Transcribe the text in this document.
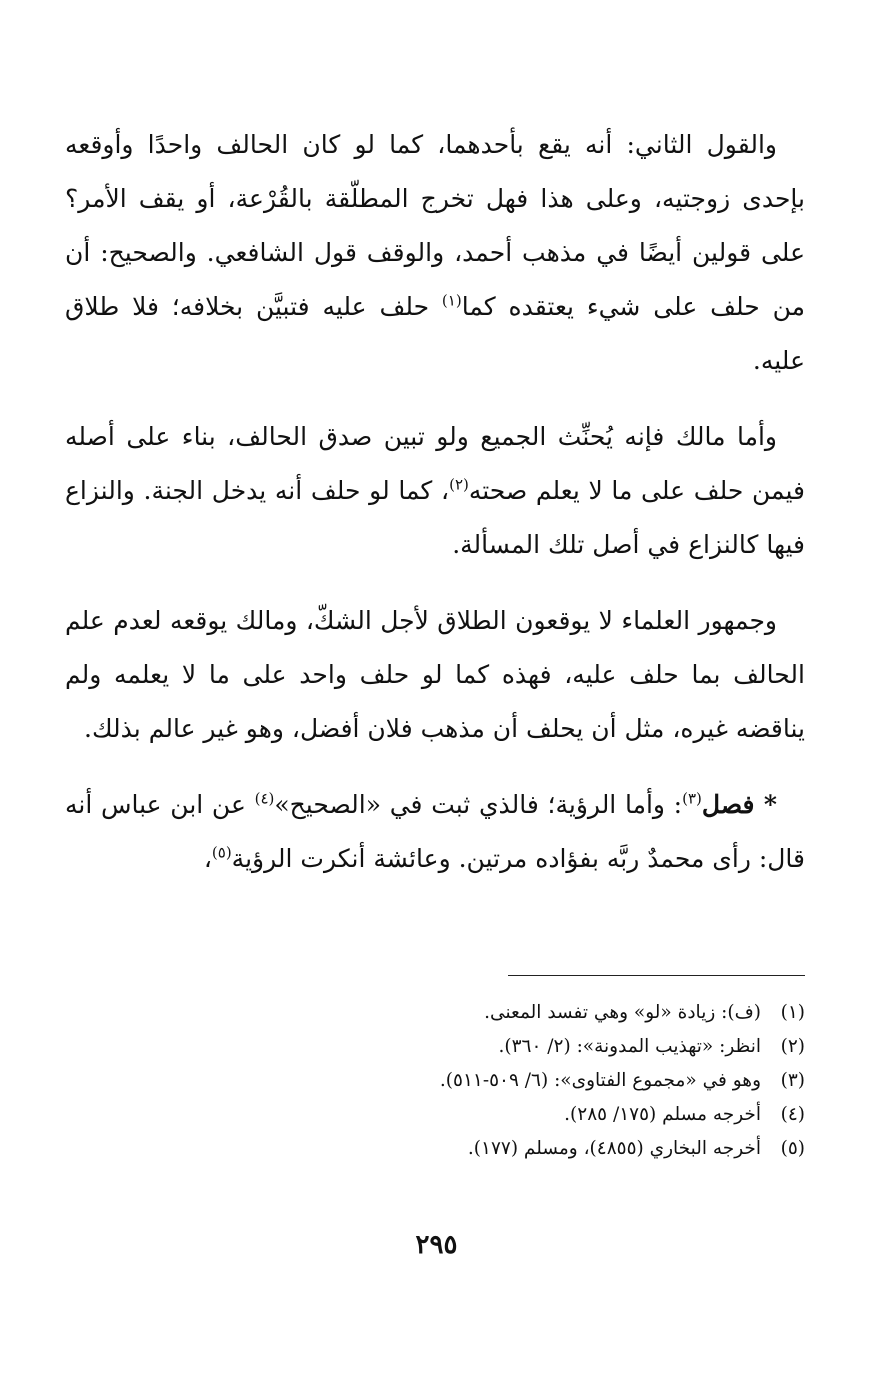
والقول الثاني: أنه يقع بأحدهما، كما لو كان الحالف واحدًا وأوقعه بإحدى زوجتيه، وعلى هذا فهل تخرج المطلّقة بالقُرْعة، أو يقف الأمر؟ على قولين أيضًا في مذهب أحمد، والوقف قول الشافعي. والصحيح: أن من حلف على شيء يعتقده كما$^{(١)}$ حلف عليه فتبيَّن بخلافه؛ فلا طلاق عليه.

وأما مالك فإنه يُحنِّث الجميع ولو تبين صدق الحالف، بناء على أصله فيمن حلف على ما لا يعلم صحته$^{(٢)}$، كما لو حلف أنه يدخل الجنة. والنزاع فيها كالنزاع في أصل تلك المسألة.

وجمهور العلماء لا يوقعون الطلاق لأجل الشكّ، ومالك يوقعه لعدم علم الحالف بما حلف عليه، فهذه كما لو حلف واحد على ما لا يعلمه ولم يناقضه غيره، مثل أن يحلف أن مذهب فلان أفضل، وهو غير عالم بذلك.

* فصل$^{(٣)}$: وأما الرؤية؛ فالذي ثبت في «الصحيح»$^{(٤)}$ عن ابن عباس أنه قال: رأى محمدٌ ربَّه بفؤاده مرتين. وعائشة أنكرت الرؤية$^{(٥)}$،

(١)(ف): زيادة «لو» وهي تفسد المعنى.
(٢)انظر: «تهذيب المدونة»: (٢/ ٣٦٠).
(٣)وهو في «مجموع الفتاوى»: (٦/ ٥٠٩-٥١١).
(٤)أخرجه مسلم (١٧٥/ ٢٨٥).
(٥)أخرجه البخاري (٤٨٥٥)، ومسلم (١٧٧).
٢٩٥
